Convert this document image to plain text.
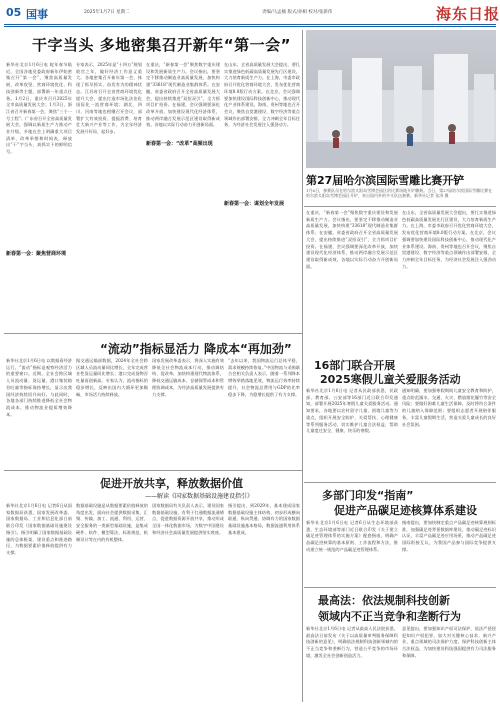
05 国事	2025年1月7日 星期二	责编/马孟楠 版式/孙相 校对/张新伟	海东日报
干字当头 多地密集召开新年“第一会”
新华社北京1月6日电 蛇年春节临近，全国各地党委政府新年伊始密集召开“第一会”，聚焦高质量发展、改革攻坚、营商环境优化、科技创新等主题，部署新一年重点任务。1月2日，重庆市召开2025年全市高质量发展大会；1月3日，浙江省召开新春第一会，聚焦“三个一号工程”；广东省召开全省高质量发展大会，强调以新质生产力推动产业升级。多地在会上明确重大项目清单、改革举措和时间表，释放出“干”字当头、真抓实干的鲜明信号。
专家表示，2025年是“十四五”规划收官之年，做好经济工作意义重大。各地密集召开新年第一会，体现了抓早抓实、奋发有为的精神状态。江苏省召开全省营商环境优化提升大会，提出打造市场化法治化国际化一流营商环境；湖北、四川、河南等地也相继召开会议，部署扩大有效投资、提振消费、培育壮大新兴产业等工作，为全年经济发展开好局、起好步。
在重庆，“新春第一会”聚焦数字重庆建设和发展新质生产力。会议指出，要坚定不移推动制造业高质量发展，加快构建“33618”现代制造业集群体系。在安徽，省委省政府召开全省高质量发展大会，提出持续推进“双招双引”，全力抓项目扩投资。在福建，会议强调要深化改革开放，加快建设现代化经济体系，推动两岸融合发展示范区建设取得新成效。各地以实际行动奋力开创新局面。
在山东，全省高质量发展大会提出，要扎实推进绿色低碳高质量发展先行区建设，大力培育新质生产力。在上海，市委市政府召开优化营商环境大会，发布优化营商环境8.0版行动方案。在北京，会议强调要加快建设国际科技创新中心，推动现代化产业体系建设。海南、贵州等地也召开会议，聚焦自贸港建设、数字经济等重点领域作出部署安排，全力冲刺全年目标任务，为经济社会发展注入强劲动力。
新春第一会：“改革”高频出现
新春第一会：谋划全年发展
新春第一会：聚焦营商环境
第27届哈尔滨国际雪雕比赛开铲
1月6日，参赛队员在哈尔滨太阳岛雪博会园区的比赛场地开铲雕刻。当日，第27届哈尔滨国际雪雕比赛在哈尔滨太阳岛雪博会园区开铲，来自国内外的多支队伍参赛。新华社记者 张涛 摄
在重庆，“新春第一会”聚焦数字重庆建设和发展新质生产力。会议指出，要坚定不移推动制造业高质量发展，加快构建“33618”现代制造业集群体系。在安徽，省委省政府召开全省高质量发展大会，提出持续推进“双招双引”，全力抓项目扩投资。在福建，会议强调要深化改革开放，加快建设现代化经济体系，推动两岸融合发展示范区建设取得新成效。各地以实际行动奋力开创新局面。
在山东，全省高质量发展大会提出，要扎实推进绿色低碳高质量发展先行区建设，大力培育新质生产力。在上海，市委市政府召开优化营商环境大会，发布优化营商环境8.0版行动方案。在北京，会议强调要加快建设国际科技创新中心，推动现代化产业体系建设。海南、贵州等地也召开会议，聚焦自贸港建设、数字经济等重点领域作出部署安排，全力冲刺全年目标任务，为经济社会发展注入强劲动力。
16部门联合开展
2025寒假儿童关爱服务活动
新华社北京1月6日电 记者从民政部获悉，民政部、教育部、公安部等16部门近日联合印发通知，部署开展2025年寒假儿童关爱服务活动。通知要求，各地要以农村留守儿童、困境儿童等为重点，组织开展安全防护、关爱帮扶、心理健康等系列服务活动，切实维护儿童合法权益，帮助儿童度过安全、健康、快乐的寒假。
通知明确，要加强寒假期间儿童安全教育和防护，重点防范溺水、交通、火灾、燃放烟花爆竹等安全风险；要做好困难儿童生活保障，及时将符合条件的儿童纳入保障范围；要组织志愿者开展陪伴服务，丰富儿童假期生活，营造关爱儿童成长的良好社会氛围。
“流动”指标显活力 降成本“再加劲”
新华社北京1月6日电 以数据看经济运行，“流动”指标是观察经济活力的重要窗口。近期，全社会跨区域人员流动量、货运量、港口集装箱吞吐量等指标保持增长，显示出我国经济持续回升向好。与此同时，各地各部门持续推进降低全社会物流成本，推动物流业提质增效降本。
据交通运输部数据，2024年全社会跨区域人员流动量同比增长，全年完成营业性货运量同比增长；港口完成货物吞吐量再创新高。专家认为，流动指标的稳步增长，反映出国内大循环更加顺畅，市场活力持续释放。
国家发展改革委表示，将深入实施有效降低全社会物流成本行动，推动调结构、促改革，加快构建现代物流体系，降低交通运输成本、仓储保管成本和管理协调成本，为经济高质量发展提供有力支撑。
“去年以来，我国物流运行总体平稳，需求规模持续恢复。”中国物流与采购联合会相关负责人表示，随着一系列降本增效举措落地见效，物流运行效率持续提升，社会物流总费用与GDP的比率稳步下降，为稳增长提供了有力支撑。
多部门印发“指南”
促进产品碳足迹核算体系建设
新华社北京1月6日电 记者6日从生态环境部获悉，生态环境部等部门近日联合印发《关于建立碳足迹管理体系的实施方案》配套指南，明确产品碳足迹核算的基本原则、工作流程和方法，推动建立统一规范的产品碳足迹管理体系。
指南提出，要加快制定重点产品碳足迹核算规则标准，加强碳足迹背景数据库建设，推动碳足迹标识认证，丰富产品碳足迹应用场景，推动产品碳足迹国际衔接互认，为我国产品参与国际竞争提供支撑。
促进开放共享，释放数据价值
——解读《国家数据基础设施建设指引》
新华社北京1月6日电 记者6日从国家数据局获悉，国家发展改革委、国家数据局、工业和信息化部日前联合印发《国家数据基础设施建设指引》。指引明确了国家数据基础设施的总体框架、建设重点和推进路径，为数据要素价值释放提供有力支撑。
数据基础设施是从数据要素价值释放的角度出发，面向社会提供数据采集、汇聚、传输、加工、流通、利用、运营、安全服务的一类新型基础设施，是集成硬件、软件、模型算法、标准规范、机制设计等在内的有机整体。
国家数据局有关负责人表示，建设国家数据基础设施，有利于打通数据流通堵点，促进数据资源开放共享，推动形成全国一体化数据市场，为数字中国建设和经济社会高质量发展提供坚实底座。
指引提出，到2029年，基本建成国家数据基础设施主体结构，初步形成横向联通、纵向贯通、协调有力的国家数据基础设施基本格局，数据流通利用体系基本建成。
最高法：依法规制科技创新
领域内不正当竞争和垄断行为
新华社北京1月6日电 记者从最高人民法院获悉，最高法日前发布《关于以高质量审判服务保障科技创新的意见》，明确依法规制科技创新领域内的不正当竞争和垄断行为，营造公平竞争的市场环境，激发全社会创新创造活力。
意见提出，要加强知识产权司法保护，依法严惩侵犯知识产权犯罪，加大对关键核心技术、新兴产业、重点领域的司法保护力度，保护科技创新主体合法权益，为加快建设科技强国提供有力司法服务和保障。
